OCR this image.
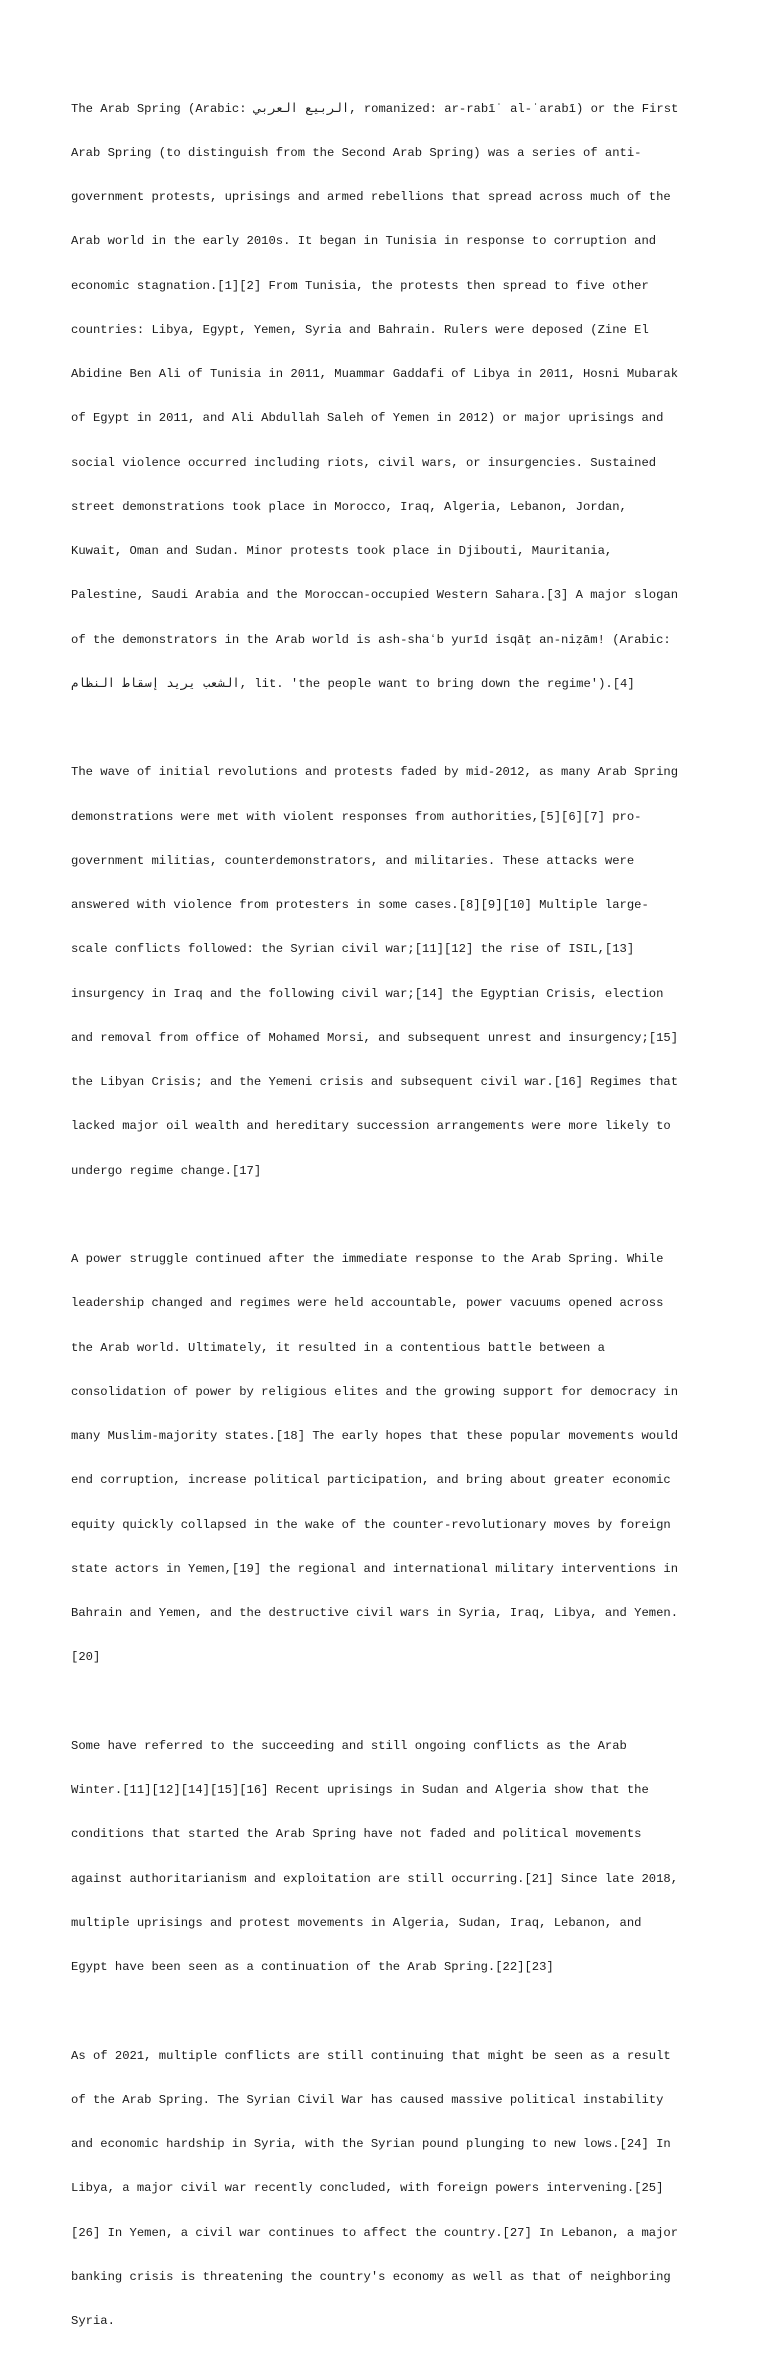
The Arab Spring (Arabic: الربيع العربي, romanized: ar-rabīʿ al-ʿarabī) or the First

Arab Spring (to distinguish from the Second Arab Spring) was a series of anti-

government protests, uprisings and armed rebellions that spread across much of the

Arab world in the early 2010s. It began in Tunisia in response to corruption and

economic stagnation.[1][2] From Tunisia, the protests then spread to five other

countries: Libya, Egypt, Yemen, Syria and Bahrain. Rulers were deposed (Zine El

Abidine Ben Ali of Tunisia in 2011, Muammar Gaddafi of Libya in 2011, Hosni Mubarak

of Egypt in 2011, and Ali Abdullah Saleh of Yemen in 2012) or major uprisings and

social violence occurred including riots, civil wars, or insurgencies. Sustained

street demonstrations took place in Morocco, Iraq, Algeria, Lebanon, Jordan,

Kuwait, Oman and Sudan. Minor protests took place in Djibouti, Mauritania,

Palestine, Saudi Arabia and the Moroccan-occupied Western Sahara.[3] A major slogan

of the demonstrators in the Arab world is ash-shaʻb yurīd isqāṭ an-niẓām! (Arabic:

الشعب يريد إسقاط النظام, lit. 'the people want to bring down the regime').[4]

The wave of initial revolutions and protests faded by mid-2012, as many Arab Spring

demonstrations were met with violent responses from authorities,[5][6][7] pro-

government militias, counterdemonstrators, and militaries. These attacks were

answered with violence from protesters in some cases.[8][9][10] Multiple large-

scale conflicts followed: the Syrian civil war;[11][12] the rise of ISIL,[13]

insurgency in Iraq and the following civil war;[14] the Egyptian Crisis, election

and removal from office of Mohamed Morsi, and subsequent unrest and insurgency;[15]

the Libyan Crisis; and the Yemeni crisis and subsequent civil war.[16] Regimes that

lacked major oil wealth and hereditary succession arrangements were more likely to

undergo regime change.[17]

A power struggle continued after the immediate response to the Arab Spring. While

leadership changed and regimes were held accountable, power vacuums opened across

the Arab world. Ultimately, it resulted in a contentious battle between a

consolidation of power by religious elites and the growing support for democracy in

many Muslim-majority states.[18] The early hopes that these popular movements would

end corruption, increase political participation, and bring about greater economic

equity quickly collapsed in the wake of the counter-revolutionary moves by foreign

state actors in Yemen,[19] the regional and international military interventions in

Bahrain and Yemen, and the destructive civil wars in Syria, Iraq, Libya, and Yemen.

[20]

Some have referred to the succeeding and still ongoing conflicts as the Arab

Winter.[11][12][14][15][16] Recent uprisings in Sudan and Algeria show that the

conditions that started the Arab Spring have not faded and political movements

against authoritarianism and exploitation are still occurring.[21] Since late 2018,

multiple uprisings and protest movements in Algeria, Sudan, Iraq, Lebanon, and

Egypt have been seen as a continuation of the Arab Spring.[22][23]

As of 2021, multiple conflicts are still continuing that might be seen as a result

of the Arab Spring. The Syrian Civil War has caused massive political instability

and economic hardship in Syria, with the Syrian pound plunging to new lows.[24] In

Libya, a major civil war recently concluded, with foreign powers intervening.[25]

[26] In Yemen, a civil war continues to affect the country.[27] In Lebanon, a major

banking crisis is threatening the country's economy as well as that of neighboring

Syria.
